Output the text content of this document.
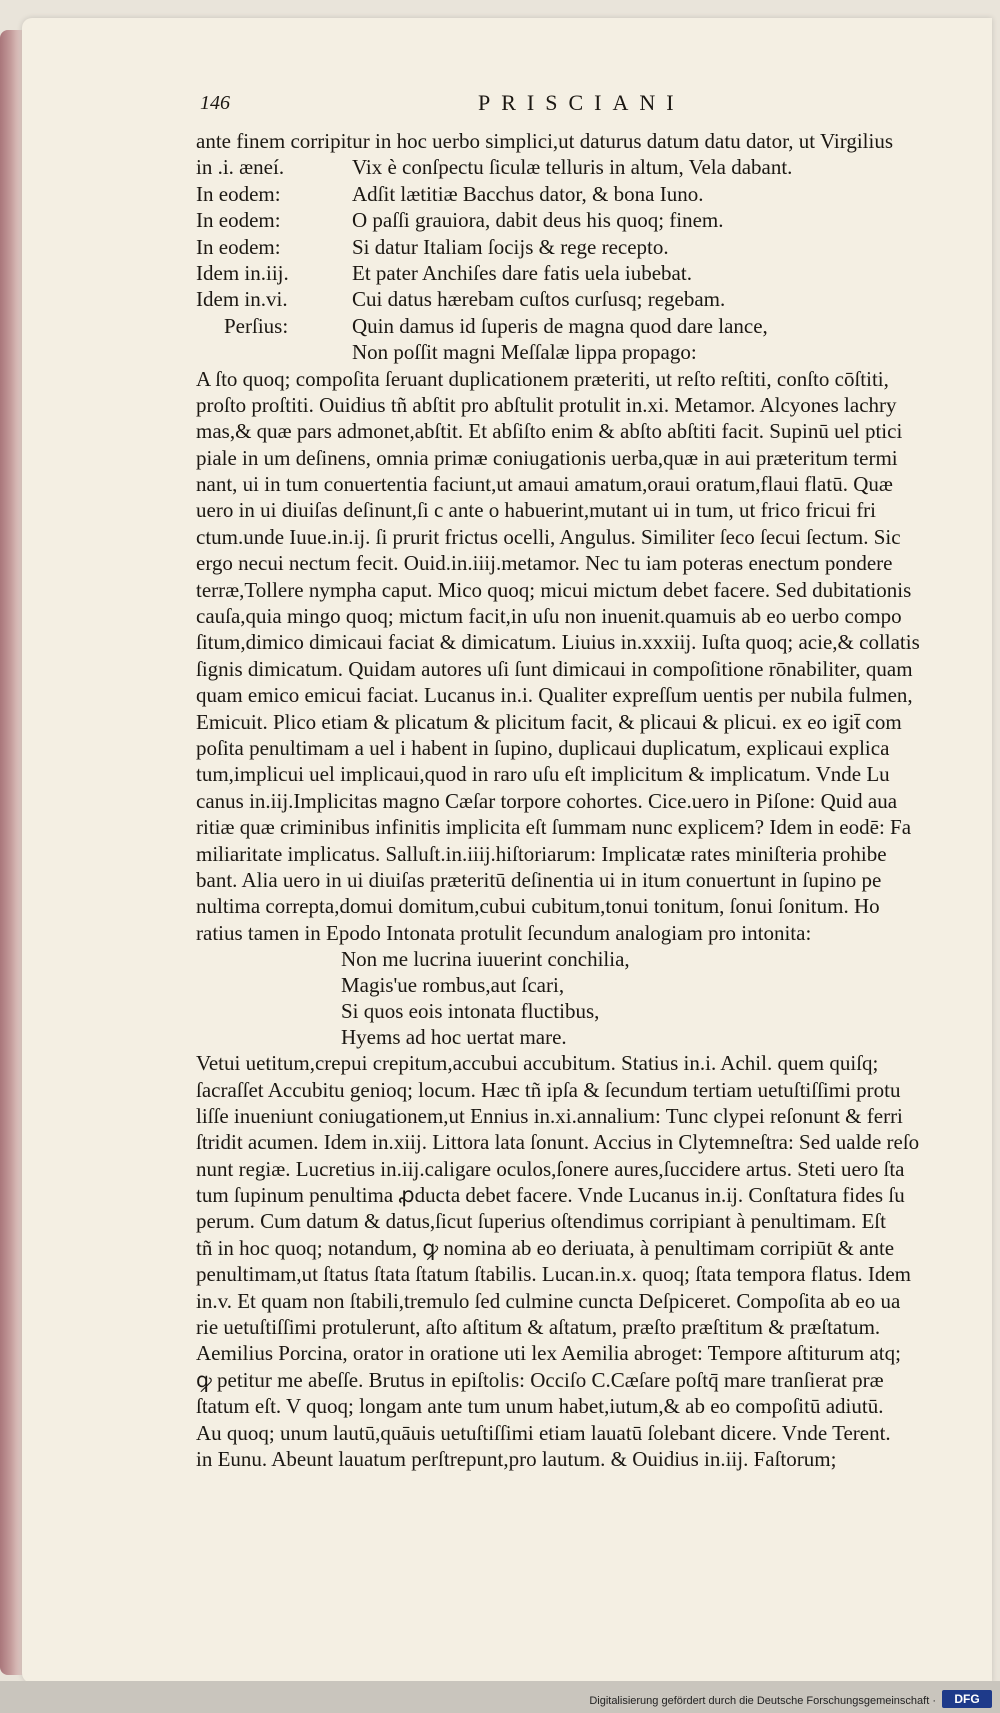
146	PRISCIANI
ante finem corripitur in hoc uerbo simplici,ut daturus datum datu dator, ut Virgilius
in .i. æneí.	Vix è conſpectu ſiculæ telluris in altum, Vela dabant.
In eodem:	Adſit lætitiæ Bacchus dator, & bona Iuno.
In eodem:	O paſſi grauiora, dabit deus his quoq; finem.
In eodem:	Si datur Italiam ſocijs & rege recepto.
Idem in.iij.	Et pater Anchiſes dare fatis uela iubebat.
Idem in.vi.	Cui datus hærebam cuſtos curſusq; regebam.
Perſius:	Quin damus id ſuperis de magna quod dare lance,
Non poſſit magni Meſſalæ lippa propago:
A ſto quoq; compoſita ſeruant duplicationem præteriti, ut reſto reſtiti, conſto cōſtiti,
proſto proſtiti. Ouidius tñ abſtit pro abſtulit protulit in.xi. Metamor. Alcyones lachry
mas,& quæ pars admonet,abſtit. Et abſiſto enim & abſto abſtiti facit. Supinū uel ptici
piale in um deſinens, omnia primæ coniugationis uerba,quæ in aui præteritum termi
nant, ui in tum conuertentia faciunt,ut amaui amatum,oraui oratum,flaui flatū. Quæ
uero in ui diuiſas deſinunt,ſi c ante o habuerint,mutant ui in tum, ut frico fricui fri
ctum.unde Iuue.in.ij. ſi prurit frictus ocelli, Angulus. Similiter ſeco ſecui ſectum. Sic
ergo necui nectum fecit. Ouid.in.iiij.metamor. Nec tu iam poteras enectum pondere
terræ,Tollere nympha caput. Mico quoq; micui mictum debet facere. Sed dubitationis
cauſa,quia mingo quoq; mictum facit,in uſu non inuenit.quamuis ab eo uerbo compo
ſitum,dimico dimicaui faciat & dimicatum. Liuius in.xxxiij. Iuſta quoq; acie,& collatis
ſignis dimicatum. Quidam autores uſi ſunt dimicaui in compoſitione rōnabiliter, quam
quam emico emicui faciat. Lucanus in.i. Qualiter expreſſum uentis per nubila fulmen,
Emicuit. Plico etiam & plicatum & plicitum facit, & plicaui & plicui. ex eo igit̄ com
poſita penultimam a uel i habent in ſupino, duplicaui duplicatum, explicaui explica
tum,implicui uel implicaui,quod in raro uſu eſt implicitum & implicatum. Vnde Lu
canus in.iij.Implicitas magno Cæſar torpore cohortes. Cice.uero in Piſone: Quid aua
ritiæ quæ criminibus infinitis implicita eſt ſummam nunc explicem? Idem in eodē: Fa
miliaritate implicatus. Salluſt.in.iiij.hiſtoriarum: Implicatæ rates miniſteria prohibe
bant. Alia uero in ui diuiſas præteritū deſinentia ui in itum conuertunt in ſupino pe
nultima correpta,domui domitum,cubui cubitum,tonui tonitum, ſonui ſonitum. Ho
ratius tamen in Epodo Intonata protulit ſecundum analogiam pro intonita:
Non me lucrina iuuerint conchilia,
Magis'ue rombus,aut ſcari,
Si quos eois intonata fluctibus,
Hyems ad hoc uertat mare.
Vetui uetitum,crepui crepitum,accubui accubitum. Statius in.i. Achil. quem quiſq;
ſacraſſet Accubitu genioq; locum. Hæc tñ ipſa & ſecundum tertiam uetuſtiſſimi protu
liſſe inueniunt coniugationem,ut Ennius in.xi.annalium: Tunc clypei reſonunt & ferri
ſtridit acumen. Idem in.xiij. Littora lata ſonunt. Accius in Clytemneſtra: Sed ualde reſo
nunt regiæ. Lucretius in.iij.caligare oculos,ſonere aures,ſuccidere artus. Steti uero ſta
tum ſupinum penultima ꝓducta debet facere. Vnde Lucanus in.ij. Conſtatura fides ſu
perum. Cum datum & datus,ſicut ſuperius oſtendimus corripiant à penultimam. Eſt
tñ in hoc quoq; notandum, ꝙ nomina ab eo deriuata, à penultimam corripiūt & ante
penultimam,ut ſtatus ſtata ſtatum ſtabilis. Lucan.in.x. quoq; ſtata tempora flatus. Idem
in.v. Et quam non ſtabili,tremulo ſed culmine cuncta Deſpiceret. Compoſita ab eo ua
rie uetuſtiſſimi protulerunt, aſto aſtitum & aſtatum, præſto præſtitum & præſtatum.
Aemilius Porcina, orator in oratione uti lex Aemilia abroget: Tempore aſtiturum atq;
ꝙ petitur me abeſſe. Brutus in epiſtolis: Occiſo C.Cæſare poſtq̄ mare tranſierat præ
ſtatum eſt. V quoq; longam ante tum unum habet,iutum,& ab eo compoſitū adiutū.
Au quoq; unum lautū,quāuis uetuſtiſſimi etiam lauatū ſolebant dicere. Vnde Terent.
in Eunu. Abeunt lauatum perſtrepunt,pro lautum. & Ouidius in.iij. Faſtorum;
Digitalisierung gefördert durch die Deutsche Forschungsgemeinschaft ·	DFG
